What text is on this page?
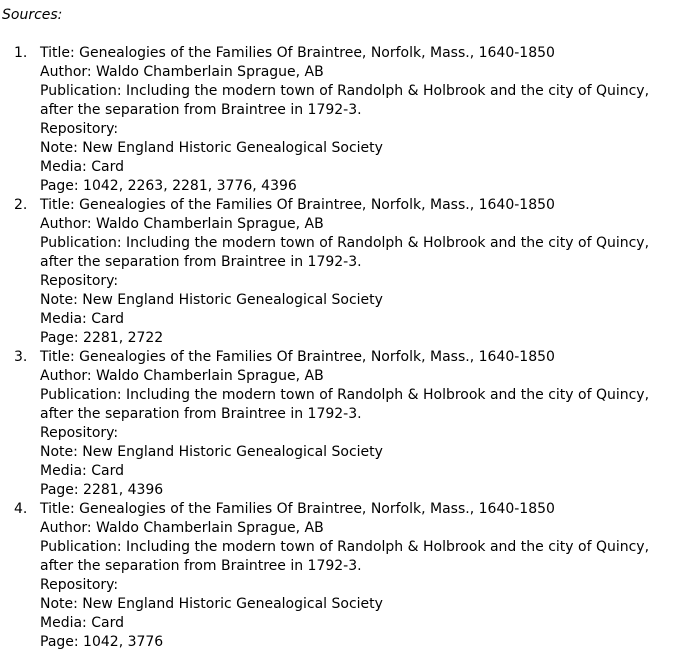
Sources:
1. Title: Genealogies of the Families Of Braintree, Norfolk, Mass., 1640-1850
Author: Waldo Chamberlain Sprague, AB
Publication: Including the modern town of Randolph & Holbrook and the city of Quincy, after the separation from Braintree in 1792-3.
Repository:
Note: New England Historic Genealogical Society
Media: Card
Page: 1042, 2263, 2281, 3776, 4396
2. Title: Genealogies of the Families Of Braintree, Norfolk, Mass., 1640-1850
Author: Waldo Chamberlain Sprague, AB
Publication: Including the modern town of Randolph & Holbrook and the city of Quincy, after the separation from Braintree in 1792-3.
Repository:
Note: New England Historic Genealogical Society
Media: Card
Page: 2281, 2722
3. Title: Genealogies of the Families Of Braintree, Norfolk, Mass., 1640-1850
Author: Waldo Chamberlain Sprague, AB
Publication: Including the modern town of Randolph & Holbrook and the city of Quincy, after the separation from Braintree in 1792-3.
Repository:
Note: New England Historic Genealogical Society
Media: Card
Page: 2281, 4396
4. Title: Genealogies of the Families Of Braintree, Norfolk, Mass., 1640-1850
Author: Waldo Chamberlain Sprague, AB
Publication: Including the modern town of Randolph & Holbrook and the city of Quincy, after the separation from Braintree in 1792-3.
Repository:
Note: New England Historic Genealogical Society
Media: Card
Page: 1042, 3776
